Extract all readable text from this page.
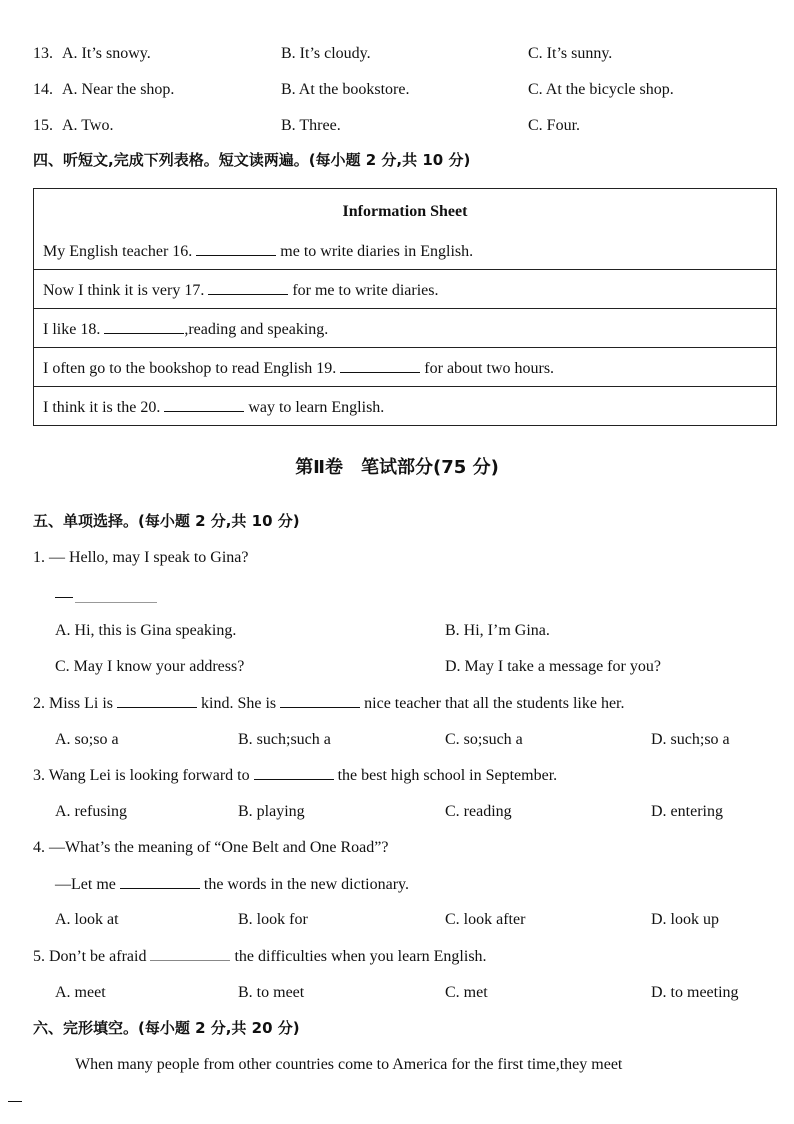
13. A. It’s snowy.	B. It’s cloudy.	C. It’s sunny.
14. A. Near the shop.	B. At the bookstore.	C. At the bicycle shop.
15. A. Two.	B. Three.	C. Four.
四、听短文,完成下列表格。短文读两遍。(每小题 2 分,共 10 分)
Information Sheet
My English teacher 16.	me to write diaries in English.
Now I think it is very 17.	for me to write diaries.
I like 18.	,reading and speaking.
I often go to the bookshop to read English 19.	for about two hours.
I think it is the 20.	way to learn English.
第Ⅱ卷　笔试部分(75 分)
五、单项选择。(每小题 2 分,共 10 分)
1. — Hello, may I speak to Gina?
A. Hi, this is Gina speaking.	B. Hi, I’m Gina.
C. May I know your address?	D. May I take a message for you?
2. Miss Li is	kind. She is	nice teacher that all the students like her.
A. so;so a	B. such;such a	C. so;such a	D. such;so a
3. Wang Lei is looking forward to	the best high school in September.
A. refusing	B. playing	C. reading	D. entering
4. —What’s the meaning of “One Belt and One Road”?
—Let me	the words in the new dictionary.
A. look at	B. look for	C. look after	D. look up
5. Don’t be afraid	the difficulties when you learn English.
A. meet	B. to meet	C. met	D. to meeting
六、完形填空。(每小题 2 分,共 20 分)
When many people from other countries come to America for the first time,they meet
